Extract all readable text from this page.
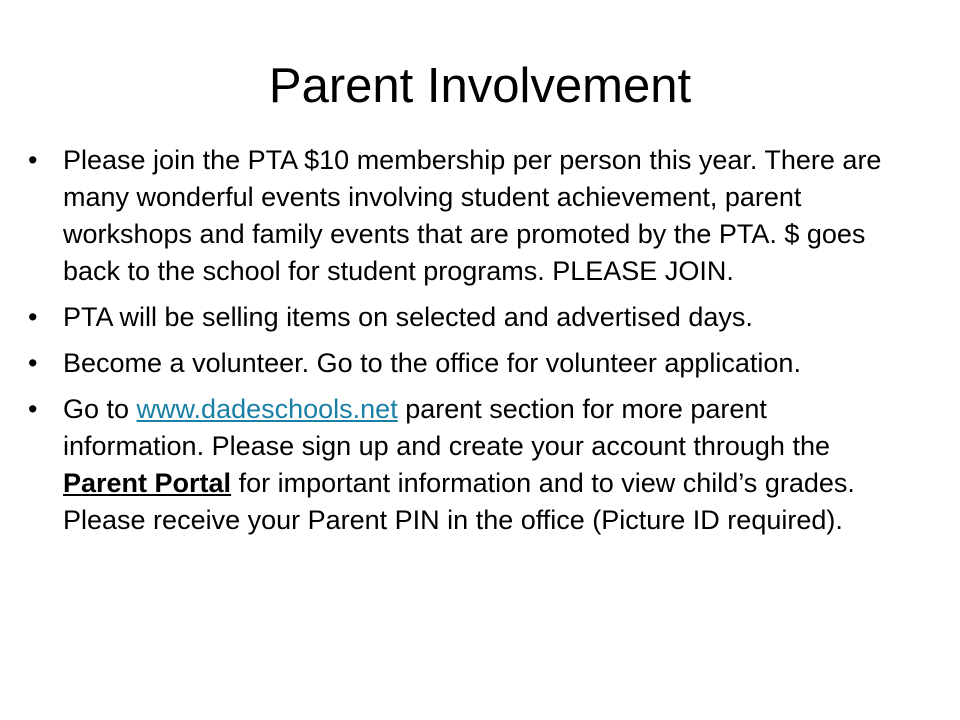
Parent Involvement
• Please join the PTA $10 membership per person this year. There are many wonderful events involving student achievement, parent workshops and family events that are promoted by the PTA. $ goes back to the school for student programs. PLEASE JOIN.
• PTA will be selling items on selected and advertised days.
• Become a volunteer. Go to the office for volunteer application.
• Go to www.dadeschools.net parent section for more parent information. Please sign up and create your account through the Parent Portal for important information and to view child’s grades. Please receive your Parent PIN in the office (Picture ID required).
